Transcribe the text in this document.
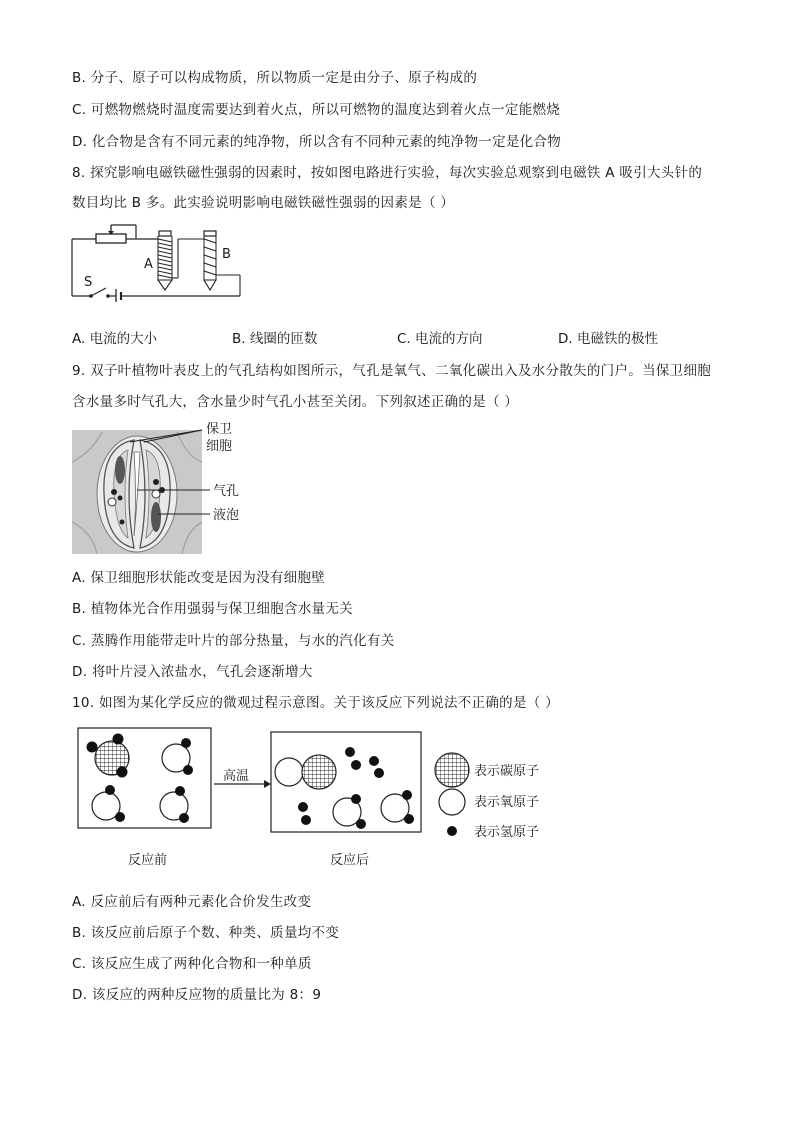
B. 分子、原子可以构成物质，所以物质一定是由分子、原子构成的
C. 可燃物燃烧时温度需要达到着火点，所以可燃物的温度达到着火点一定能燃烧
D. 化合物是含有不同元素的纯净物，所以含有不同种元素的纯净物一定是化合物
8. 探究影响电磁铁磁性强弱的因素时，按如图电路进行实验，每次实验总观察到电磁铁 A 吸引大头针的
数目均比 B 多。此实验说明影响电磁铁磁性强弱的因素是（ ）
A
B
S
A. 电流的大小	B. 线圈的匝数	C. 电流的方向	D. 电磁铁的极性
9. 双子叶植物叶表皮上的气孔结构如图所示，气孔是氧气、二氧化碳出入及水分散失的门户。当保卫细胞
含水量多时气孔大，含水量少时气孔小甚至关闭。下列叙述正确的是（ ）
保卫
细胞
气孔
液泡
A. 保卫细胞形状能改变是因为没有细胞壁
B. 植物体光合作用强弱与保卫细胞含水量无关
C. 蒸腾作用能带走叶片的部分热量，与水的汽化有关
D. 将叶片浸入浓盐水，气孔会逐渐增大
10. 如图为某化学反应的微观过程示意图。关于该反应下列说法不正确的是（ ）
高温	表示碳原子
表示氧原子
表示氢原子
反应前	反应后
A. 反应前后有两种元素化合价发生改变
B. 该反应前后原子个数、种类、质量均不变
C. 该反应生成了两种化合物和一种单质
D. 该反应的两种反应物的质量比为 8：9
